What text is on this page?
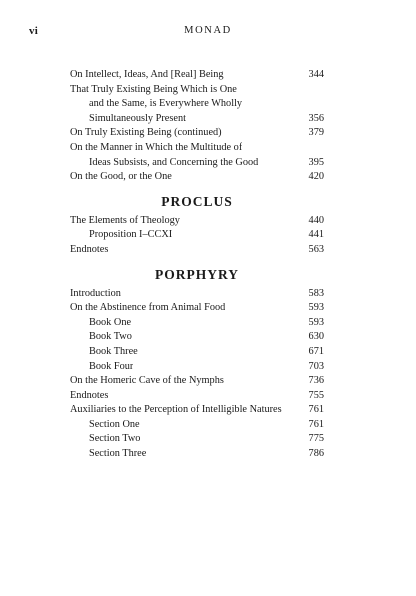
vi	MONAD
On Intellect, Ideas, And [Real] Being	344
That Truly Existing Being Which is One
and the Same, is Everywhere Wholly
Simultaneously Present	356
On Truly Existing Being (continued)	379
On the Manner in Which the Multitude of
Ideas Subsists, and Concerning the Good	395
On the Good, or the One	420
PROCLUS
The Elements of Theology	440
Proposition I–CCXI	441
Endnotes	563
PORPHYRY
Introduction	583
On the Abstinence from Animal Food	593
Book One	593
Book Two	630
Book Three	671
Book Four	703
On the Homeric Cave of the Nymphs	736
Endnotes	755
Auxiliaries to the Perception of Intelligible Natures	761
Section One	761
Section Two	775
Section Three	786
